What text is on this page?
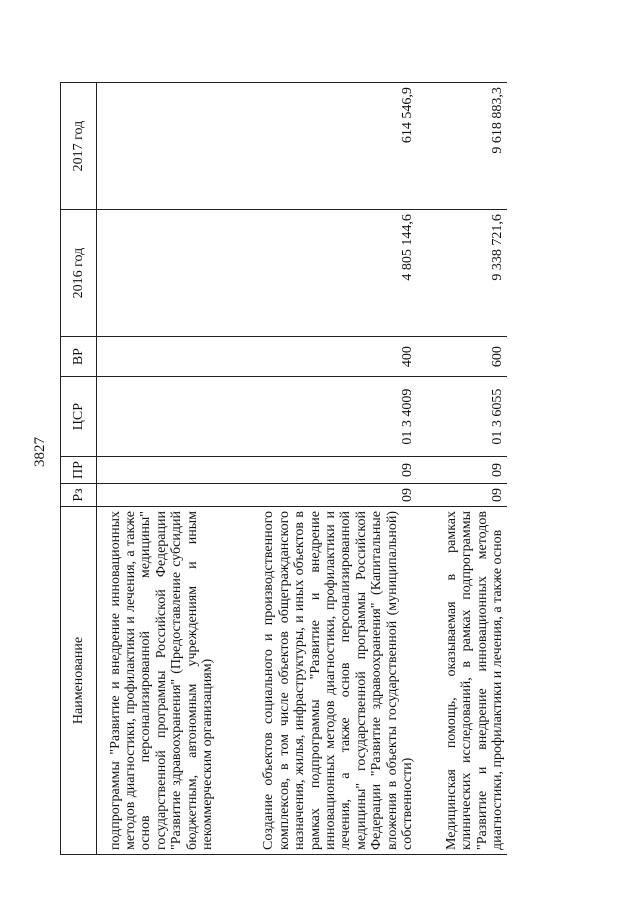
3827
Наименование	Рз	ПР	ЦСР	ВР	2016 год	2017 год
подпрограммы "Развитие и внедрение инновационных методов диагностики, профилактики и лечения, а также основ персонализированной медицины" государственной программы Российской Федерации "Развитие здравоохранения" (Предоставление субсидий бюджетным, автономным учреждениям и иным некоммерческим организациям)						
Создание объектов социального и производственного комплексов, в том числе объектов общегражданского назначения, жилья, инфраструктуры, и иных объектов в рамках подпрограммы "Развитие и внедрение инновационных методов диагностики, профилактики и лечения, а также основ персонализированной медицины" государственной программы Российской Федерации "Развитие здравоохранения" (Капитальные вложения в объекты государственной (муниципальной) собственности)	09	09	01 3 4009	400	4 805 144,6	614 546,9
Медицинская помощь, оказываемая в рамках клинических исследований, в рамках подпрограммы "Развитие и внедрение инновационных методов диагностики, профилактики и лечения, а также основ	09	09	01 3 6055	600	9 338 721,6	9 618 883,3
